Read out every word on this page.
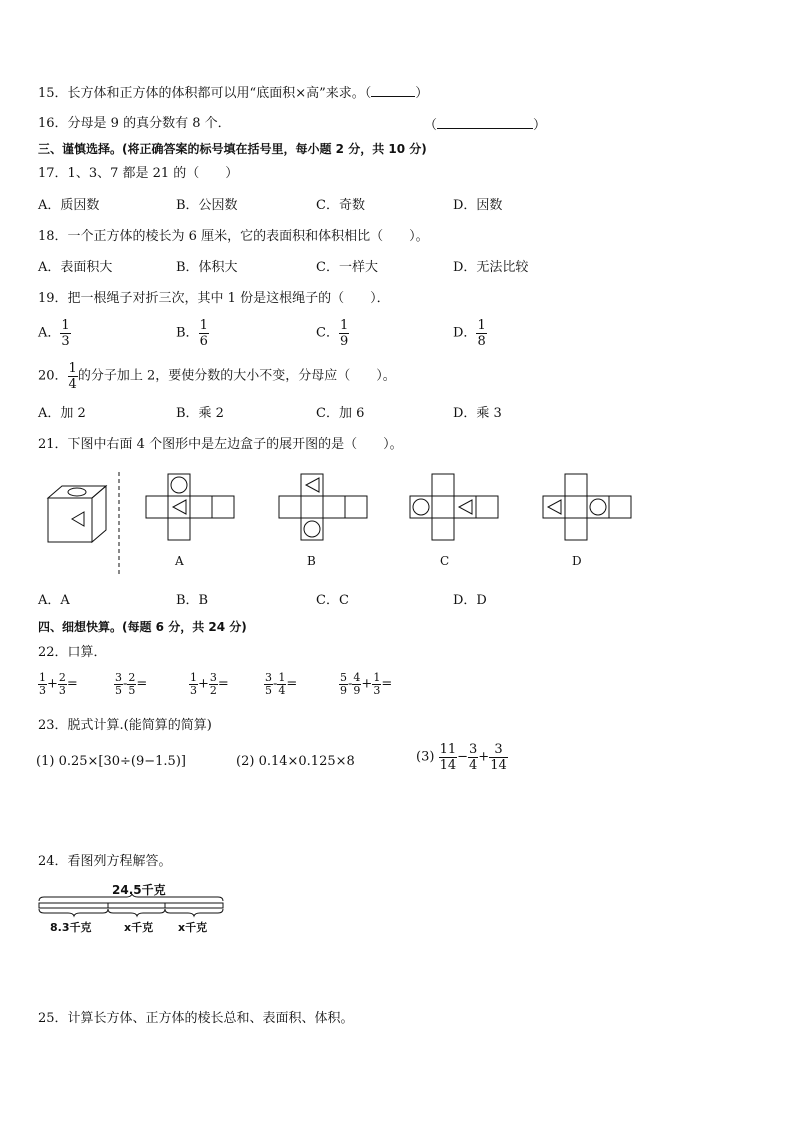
15．长方体和正方体的体积都可以用“底面积×高”来求。（	）
16．分母是 9 的真分数有 8 个．	（	）
三、谨慎选择。(将正确答案的标号填在括号里，每小题 2 分，共 10 分)
17．1、3、7 都是 21 的（　　）
A．质因数	B．公因数	C．奇数	D．因数
18．一个正方体的棱长为 6 厘米，它的表面积和体积相比（　　）。
A．表面积大	B．体积大	C．一样大	D．无法比较
19．把一根绳子对折三次，其中 1 份是这根绳子的（　　）．
A． $\frac{1}{3}$	B． $\frac{1}{6}$	C． $\frac{1}{9}$	D． $\frac{1}{8}$
20． $\frac{1}{4}$ 的分子加上 2，要使分数的大小不变，分母应（　　）。
A．加 2	B．乘 2	C．加 6	D．乘 3
21．下图中右面 4 个图形中是左边盒子的展开图的是（　　）。
A	B	C	D
A．A	B．B	C．C	D．D
四、细想快算。(每题 6 分，共 24 分)
22．口算．
$\frac{1}{3} + \frac{2}{3}$ =	$\frac{3}{5} - \frac{2}{5}$ =	$\frac{1}{3} + \frac{3}{2}$ =	$\frac{3}{5} - \frac{1}{4}$ =	$\frac{5}{9} - \frac{4}{9} + \frac{1}{3}$ =
23．脱式计算.(能简算的简算)
(1) 0.25×[30÷(9−1.5)]	(2) 0.14×0.125×8	$(3) \frac{11}{14} - \frac{3}{4} + \frac{3}{14}$
24．看图列方程解答。
24.5千克
8.3千克	x千克 x千克
25．计算长方体、正方体的棱长总和、表面积、体积。
